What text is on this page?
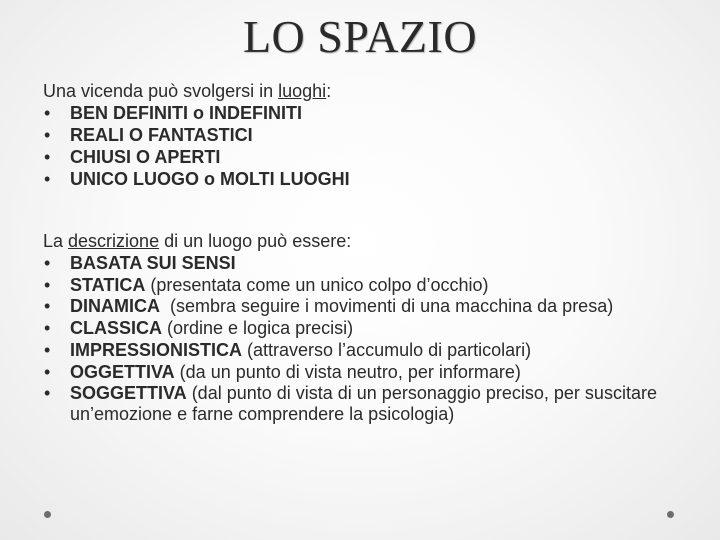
LO SPAZIO
Una vicenda può svolgersi in luoghi:
• BEN DEFINITI o INDEFINITI
• REALI O FANTASTICI
• CHIUSI O APERTI
• UNICO LUOGO o MOLTI LUOGHI
La descrizione di un luogo può essere:
• BASATA SUI SENSI
• STATICA (presentata come un unico colpo d’occhio)
• DINAMICA  (sembra seguire i movimenti di una macchina da presa)
• CLASSICA (ordine e logica precisi)
• IMPRESSIONISTICA (attraverso l’accumulo di particolari)
• OGGETTIVA (da un punto di vista neutro, per informare)
• SOGGETTIVA (dal punto di vista di un personaggio preciso, per suscitare un’emozione e farne comprendere la psicologia)
